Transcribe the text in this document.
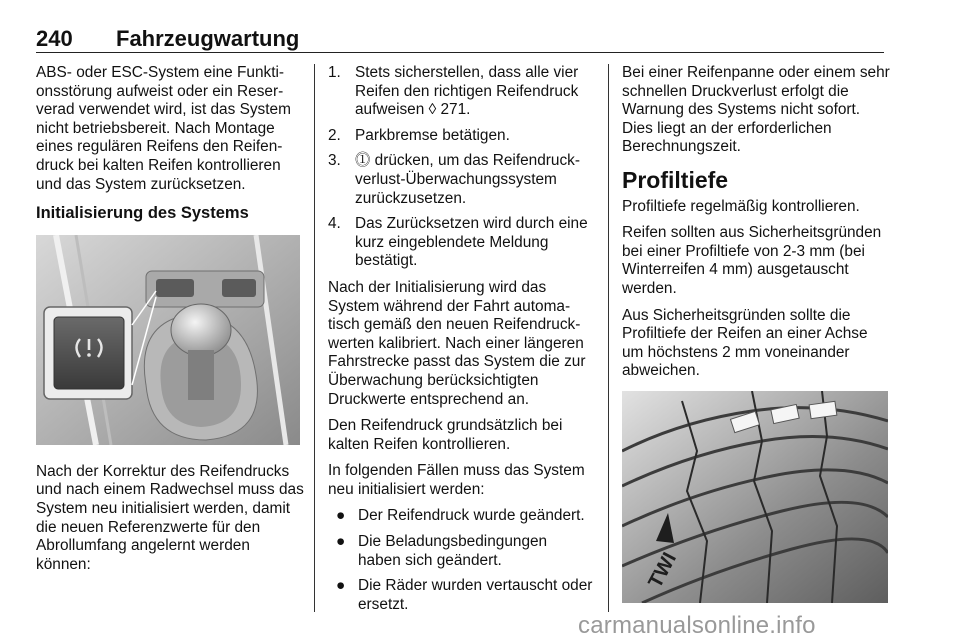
240 Fahrzeugwartung

ABS- oder ESC-System eine Funktionsstörung aufweist oder ein Reserverad verwendet wird, ist das System nicht betriebsbereit. Nach Montage eines regulären Reifens den Reifendruck bei kalten Reifen kontrollieren und das System zurücksetzen.

Initialisierung des Systems

Nach der Korrektur des Reifendrucks und nach einem Radwechsel muss das System neu initialisiert werden, damit die neuen Referenzwerte für den Abrollumfang angelernt werden können:

1. Stets sicherstellen, dass alle vier Reifen den richtigen Reifendruck aufweisen ◊ 271.
2. Parkbremse betätigen.
3. ⓵ drücken, um das Reifendruckverlust-Überwachungssystem zurückzusetzen.
4. Das Zurücksetzen wird durch eine kurz eingeblendete Meldung bestätigt.

Nach der Initialisierung wird das System während der Fahrt automatisch gemäß den neuen Reifendruckwerten kalibriert. Nach einer längeren Fahrstrecke passt das System die zur Überwachung berücksichtigten Druckwerte entsprechend an.

Den Reifendruck grundsätzlich bei kalten Reifen kontrollieren.

In folgenden Fällen muss das System neu initialisiert werden:

● Der Reifendruck wurde geändert.
● Die Beladungsbedingungen haben sich geändert.
● Die Räder wurden vertauscht oder ersetzt.

Bei einer Reifenpanne oder einem sehr schnellen Druckverlust erfolgt die Warnung des Systems nicht sofort. Dies liegt an der erforderlichen Berechnungszeit.

Profiltiefe

Profiltiefe regelmäßig kontrollieren.

Reifen sollten aus Sicherheitsgründen bei einer Profiltiefe von 2-3 mm (bei Winterreifen 4 mm) ausgetauscht werden.

Aus Sicherheitsgründen sollte die Profiltiefe der Reifen an einer Achse um höchstens 2 mm voneinander abweichen.

TWI
carmanualsonline.info
